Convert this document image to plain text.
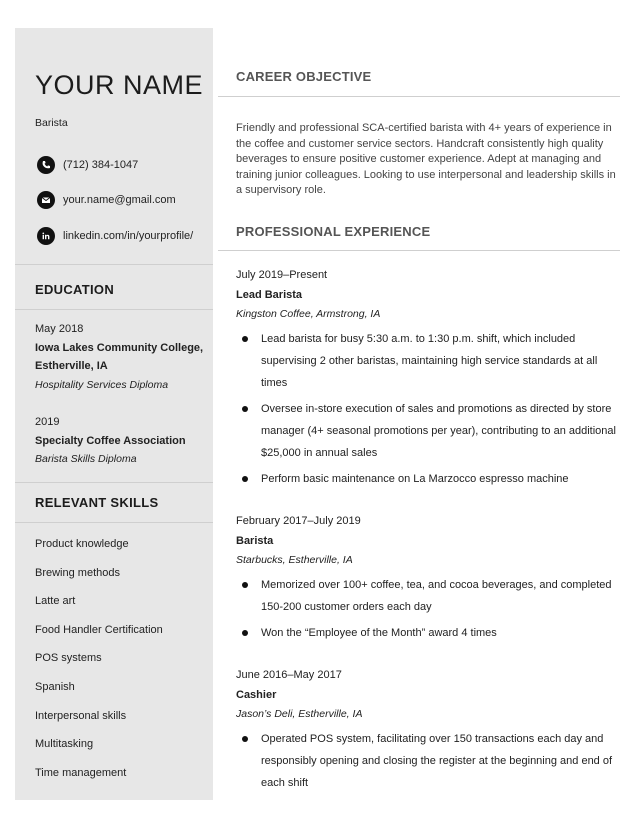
YOUR NAME
Barista
(712) 384-1047
your.name@gmail.com
linkedin.com/in/yourprofile/
EDUCATION
May 2018
Iowa Lakes Community College, Estherville, IA
Hospitality Services Diploma
2019
Specialty Coffee Association
Barista Skills Diploma
RELEVANT SKILLS
Product knowledge
Brewing methods
Latte art
Food Handler Certification
POS systems
Spanish
Interpersonal skills
Multitasking
Time management
CAREER OBJECTIVE
Friendly and professional SCA-certified barista with 4+ years of experience in the coffee and customer service sectors. Handcraft consistently high quality beverages to ensure positive customer experience. Adept at managing and training junior colleagues. Looking to use interpersonal and leadership skills in a supervisory role.
PROFESSIONAL EXPERIENCE
July 2019–Present
Lead Barista
Kingston Coffee, Armstrong, IA
Lead barista for busy 5:30 a.m. to 1:30 p.m. shift, which included supervising 2 other baristas, maintaining high service standards at all times
Oversee in-store execution of sales and promotions as directed by store manager (4+ seasonal promotions per year), contributing to an additional $25,000 in annual sales
Perform basic maintenance on La Marzocco espresso machine
February 2017–July 2019
Barista
Starbucks, Estherville, IA
Memorized over 100+ coffee, tea, and cocoa beverages, and completed 150-200 customer orders each day
Won the “Employee of the Month” award 4 times
June 2016–May 2017
Cashier
Jason’s Deli, Estherville, IA
Operated POS system, facilitating over 150 transactions each day and responsibly opening and closing the register at the beginning and end of each shift
